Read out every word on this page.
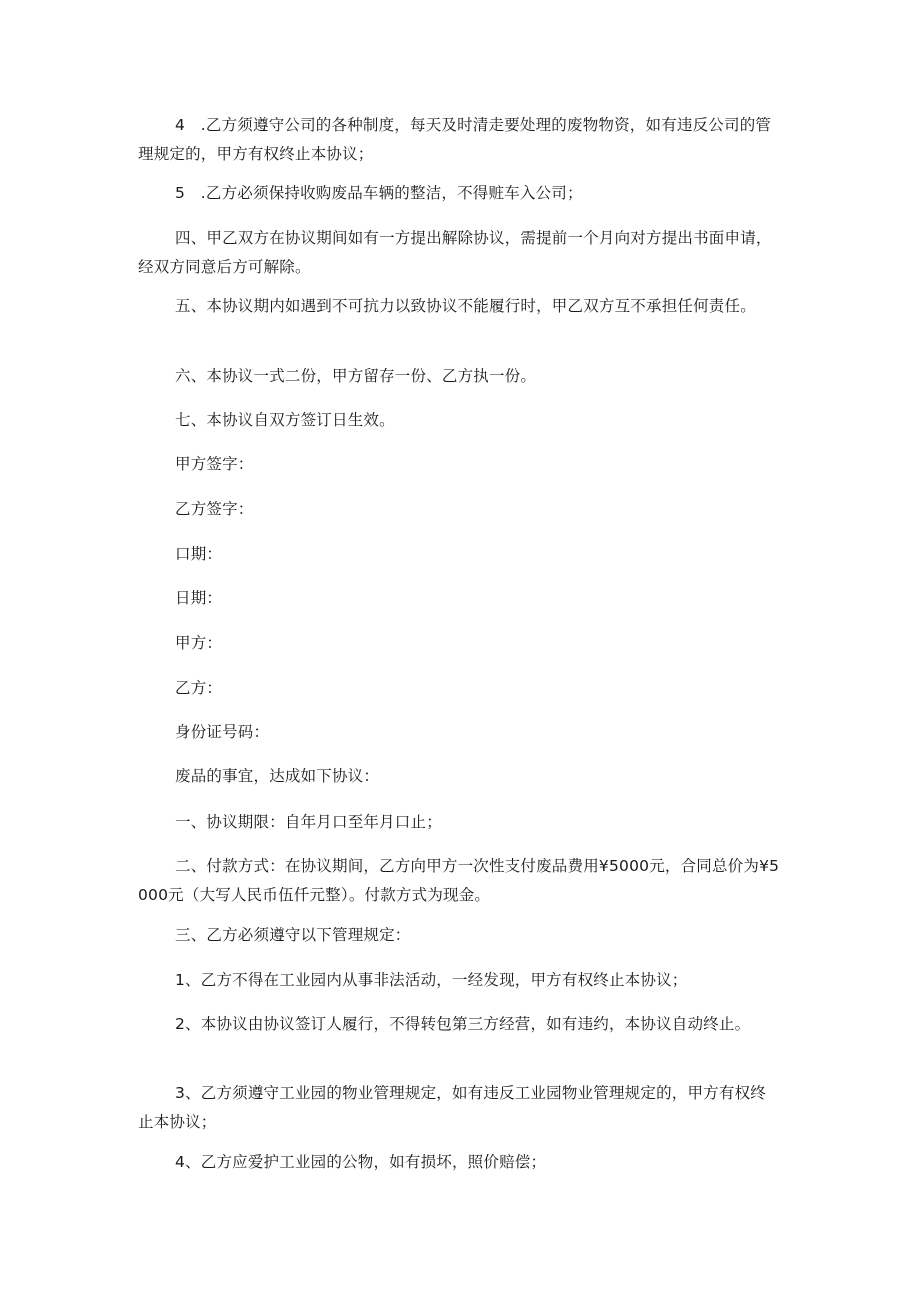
4　.乙方须遵守公司的各种制度，每天及时清走要处理的废物物资，如有违反公司的管理规定的，甲方有权终止本协议；

5　.乙方必须保持收购废品车辆的整洁，不得赃车入公司；

四、甲乙双方在协议期间如有一方提出解除协议，需提前一个月向对方提出书面申请，经双方同意后方可解除。

五、本协议期内如遇到不可抗力以致协议不能履行时，甲乙双方互不承担任何责任。

六、本协议一式二份，甲方留存一份、乙方执一份。

七、本协议自双方签订日生效。

甲方签字：

乙方签字：

口期：

日期：

甲方：

乙方：

身份证号码：

废品的事宜，达成如下协议：

一、协议期限：自年月口至年月口止；

二、付款方式：在协议期间，乙方向甲方一次性支付废品费用¥5000元，合同总价为¥5000元（大写人民币伍仟元整）。付款方式为现金。

三、乙方必须遵守以下管理规定：

1、乙方不得在工业园内从事非法活动，一经发现，甲方有权终止本协议；

2、本协议由协议签订人履行，不得转包第三方经营，如有违约，本协议自动终止。

3、乙方须遵守工业园的物业管理规定，如有违反工业园物业管理规定的，甲方有权终止本协议；

4、乙方应爱护工业园的公物，如有损坏，照价赔偿；
